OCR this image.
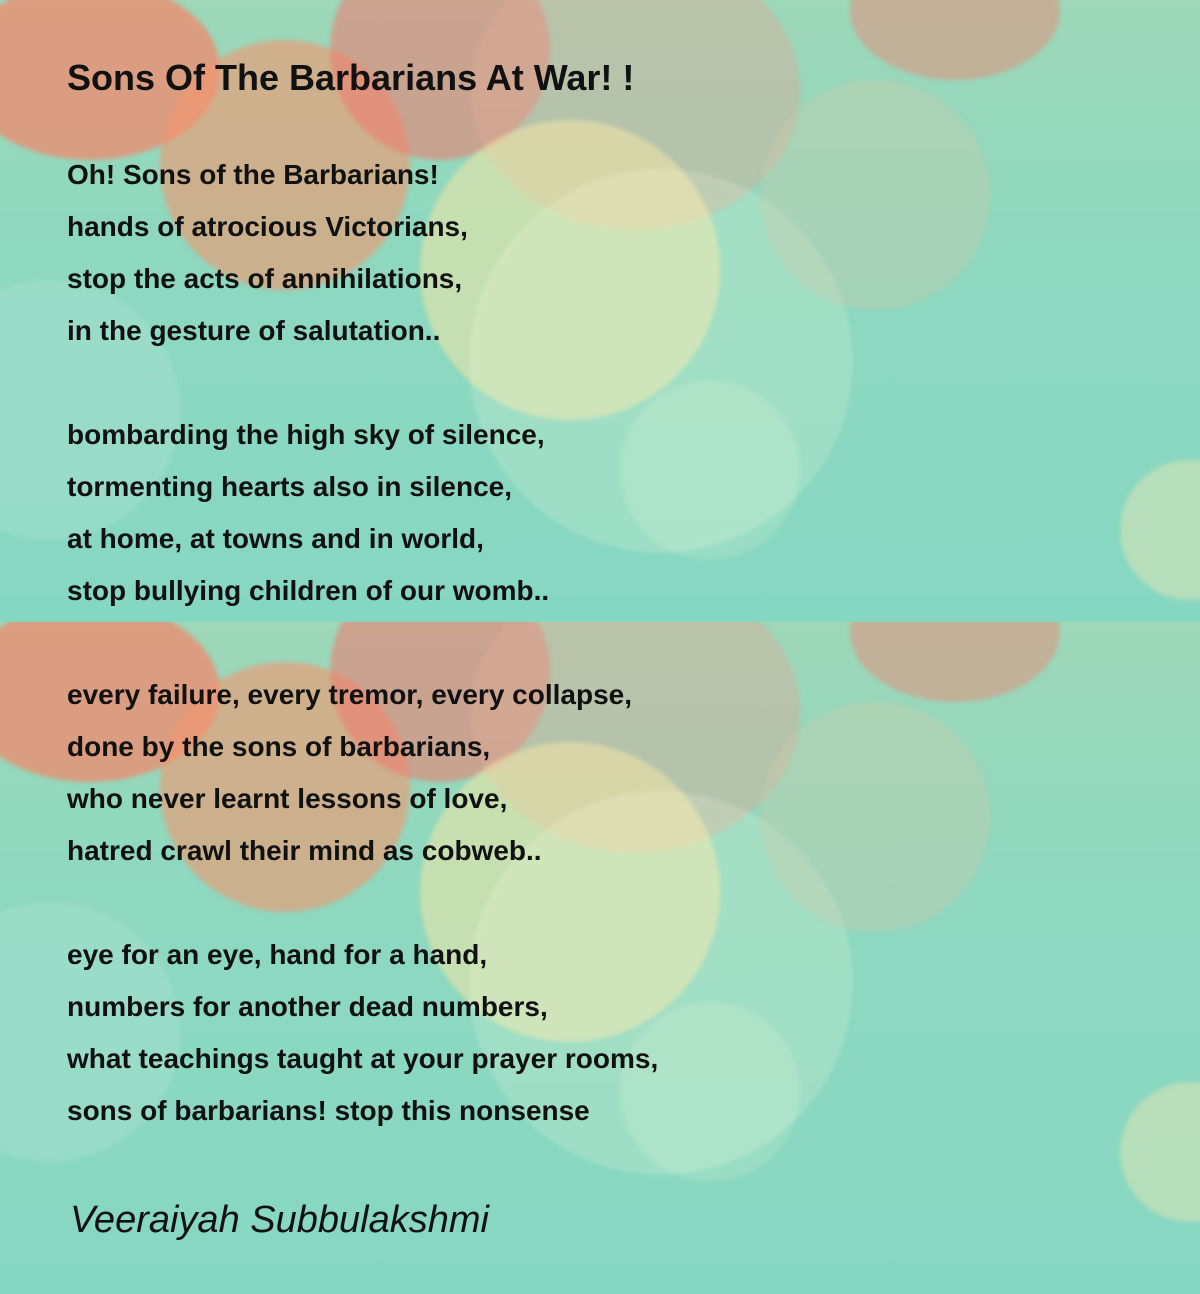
Sons Of The Barbarians At War! !
Oh! Sons of the Barbarians!
hands of atrocious Victorians,
stop the acts of annihilations,
in the gesture of salutation..
bombarding the high sky of silence,
tormenting hearts also in silence,
at home, at towns and in world,
stop bullying children of our womb..
every failure, every tremor, every collapse,
done by the sons of barbarians,
who never learnt lessons of love,
hatred crawl their mind as cobweb..
eye for an eye, hand for a hand,
numbers for another dead numbers,
what teachings taught at your prayer rooms,
sons of barbarians! stop this nonsense

Veeraiyah Subbulakshmi
